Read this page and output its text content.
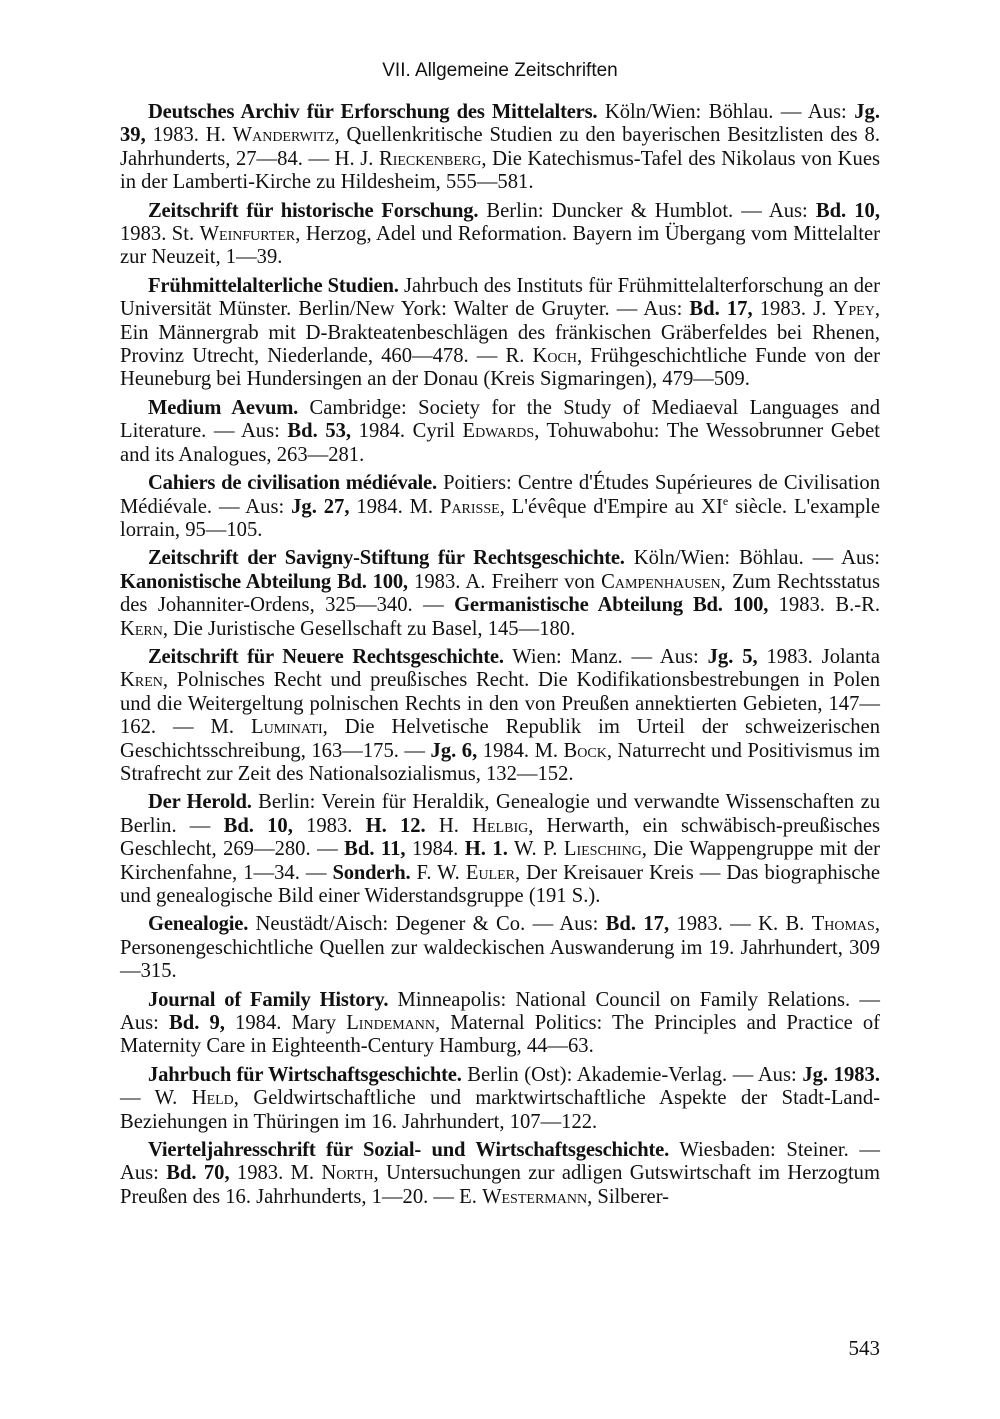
VII. Allgemeine Zeitschriften

Deutsches Archiv für Erforschung des Mittelalters. Köln/Wien: Böhlau. — Aus: Jg. 39, 1983. H. Wanderwitz, Quellenkritische Studien zu den bayerischen Besitzlisten des 8. Jahrhunderts, 27—84. — H. J. Rieckenberg, Die Katechismus-Tafel des Nikolaus von Kues in der Lamberti-Kirche zu Hildesheim, 555—581.

Zeitschrift für historische Forschung. Berlin: Duncker & Humblot. — Aus: Bd. 10, 1983. St. Weinfurter, Herzog, Adel und Reformation. Bayern im Übergang vom Mittelalter zur Neuzeit, 1—39.

Frühmittelalterliche Studien. Jahrbuch des Instituts für Frühmittelalterforschung an der Universität Münster. Berlin/New York: Walter de Gruyter. — Aus: Bd. 17, 1983. J. Ypey, Ein Männergrab mit D-Brakteatenbeschlägen des fränkischen Gräberfeldes bei Rhenen, Provinz Utrecht, Niederlande, 460—478. — R. Koch, Frühgeschichtliche Funde von der Heuneburg bei Hundersingen an der Donau (Kreis Sigmaringen), 479—509.

Medium Aevum. Cambridge: Society for the Study of Mediaeval Languages and Literature. — Aus: Bd. 53, 1984. Cyril Edwards, Tohuwabohu: The Wessobrunner Gebet and its Analogues, 263—281.

Cahiers de civilisation médiévale. Poitiers: Centre d'Études Supérieures de Civilisation Médiévale. — Aus: Jg. 27, 1984. M. Parisse, L'évêque d'Empire au XIe siècle. L'example lorrain, 95—105.

Zeitschrift der Savigny-Stiftung für Rechtsgeschichte. Köln/Wien: Böhlau. — Aus: Kanonistische Abteilung Bd. 100, 1983. A. Freiherr von Campenhausen, Zum Rechtsstatus des Johanniter-Ordens, 325—340. — Germanistische Abteilung Bd. 100, 1983. B.-R. Kern, Die Juristische Gesellschaft zu Basel, 145—180.

Zeitschrift für Neuere Rechtsgeschichte. Wien: Manz. — Aus: Jg. 5, 1983. Jolanta Kren, Polnisches Recht und preußisches Recht. Die Kodifikationsbestrebungen in Polen und die Weitergeltung polnischen Rechts in den von Preußen annektierten Gebieten, 147—162. — M. Luminati, Die Helvetische Republik im Urteil der schweizerischen Geschichtsschreibung, 163—175. — Jg. 6, 1984. M. Bock, Naturrecht und Positivismus im Strafrecht zur Zeit des Nationalsozialismus, 132—152.

Der Herold. Berlin: Verein für Heraldik, Genealogie und verwandte Wissenschaften zu Berlin. — Bd. 10, 1983. H. 12. H. Helbig, Herwarth, ein schwäbisch-preußisches Geschlecht, 269—280. — Bd. 11, 1984. H. 1. W. P. Liesching, Die Wappengruppe mit der Kirchenfahne, 1—34. — Sonderh. F. W. Euler, Der Kreisauer Kreis — Das biographische und genealogische Bild einer Widerstandsgruppe (191 S.).

Genealogie. Neustädt/Aisch: Degener & Co. — Aus: Bd. 17, 1983. — K. B. Thomas, Personengeschichtliche Quellen zur waldeckischen Auswanderung im 19. Jahrhundert, 309—315.

Journal of Family History. Minneapolis: National Council on Family Relations. — Aus: Bd. 9, 1984. Mary Lindemann, Maternal Politics: The Principles and Practice of Maternity Care in Eighteenth-Century Hamburg, 44—63.

Jahrbuch für Wirtschaftsgeschichte. Berlin (Ost): Akademie-Verlag. — Aus: Jg. 1983. — W. Held, Geldwirtschaftliche und marktwirtschaftliche Aspekte der Stadt-Land-Beziehungen in Thüringen im 16. Jahrhundert, 107—122.

Vierteljahresschrift für Sozial- und Wirtschaftsgeschichte. Wiesbaden: Steiner. — Aus: Bd. 70, 1983. M. North, Untersuchungen zur adligen Gutswirtschaft im Herzogtum Preußen des 16. Jahrhunderts, 1—20. — E. Westermann, Silberer-

543
